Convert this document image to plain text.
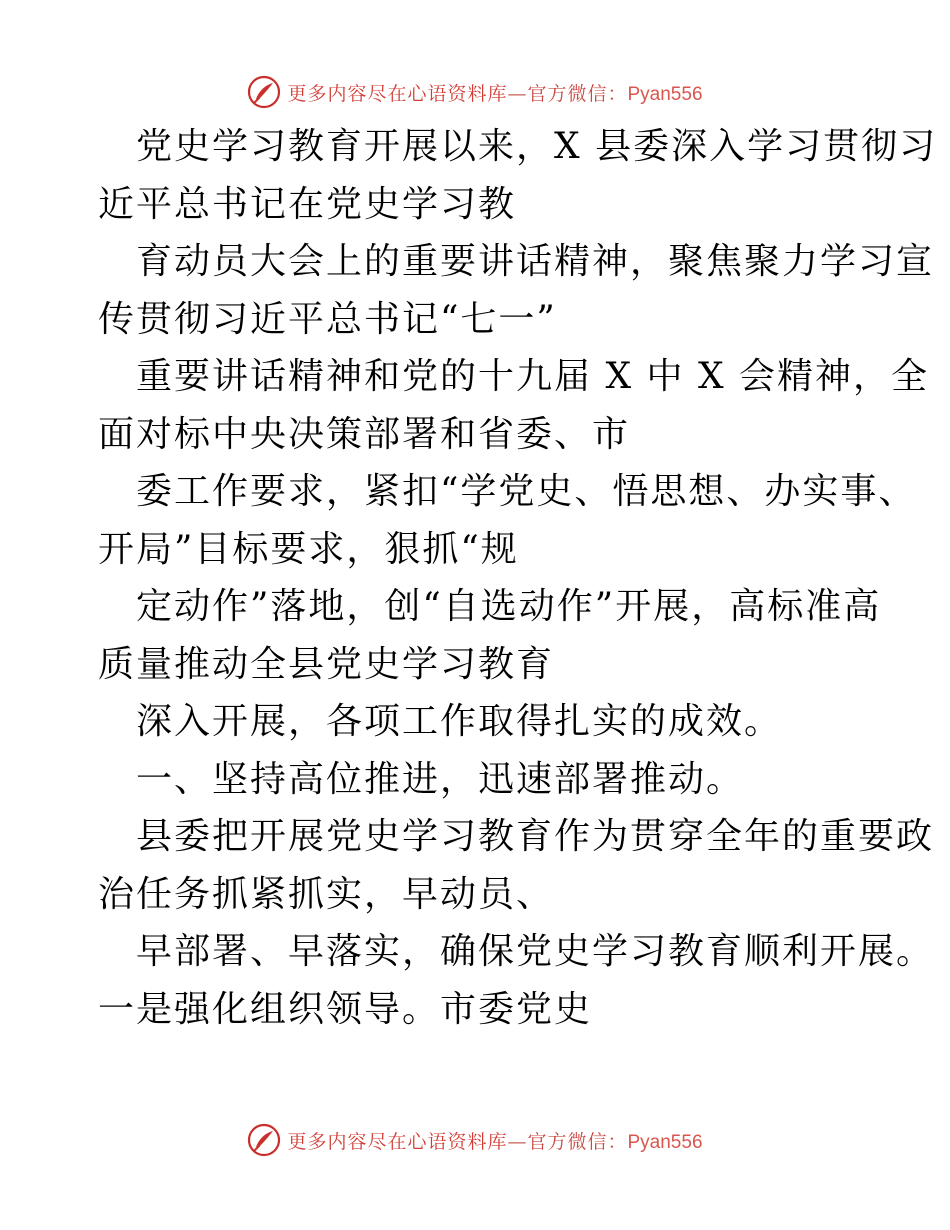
更多内容尽在心语资料库—官方微信：Pyan556
党史学习教育开展以来，X 县委深入学习贯彻习
近平总书记在党史学习教
育动员大会上的重要讲话精神，聚焦聚力学习宣
传贯彻习近平总书记“七一”
重要讲话精神和党的十九届 X 中 X 会精神，全
面对标中央决策部署和省委、市
委工作要求，紧扣“学党史、悟思想、办实事、
开局”目标要求，狠抓“规
定动作”落地，创“自选动作”开展，高标准高
质量推动全县党史学习教育
深入开展，各项工作取得扎实的成效。
一、坚持高位推进，迅速部署推动。
县委把开展党史学习教育作为贯穿全年的重要政
治任务抓紧抓实，早动员、
早部署、早落实，确保党史学习教育顺利开展。
一是强化组织领导。市委党史
更多内容尽在心语资料库—官方微信：Pyan556
